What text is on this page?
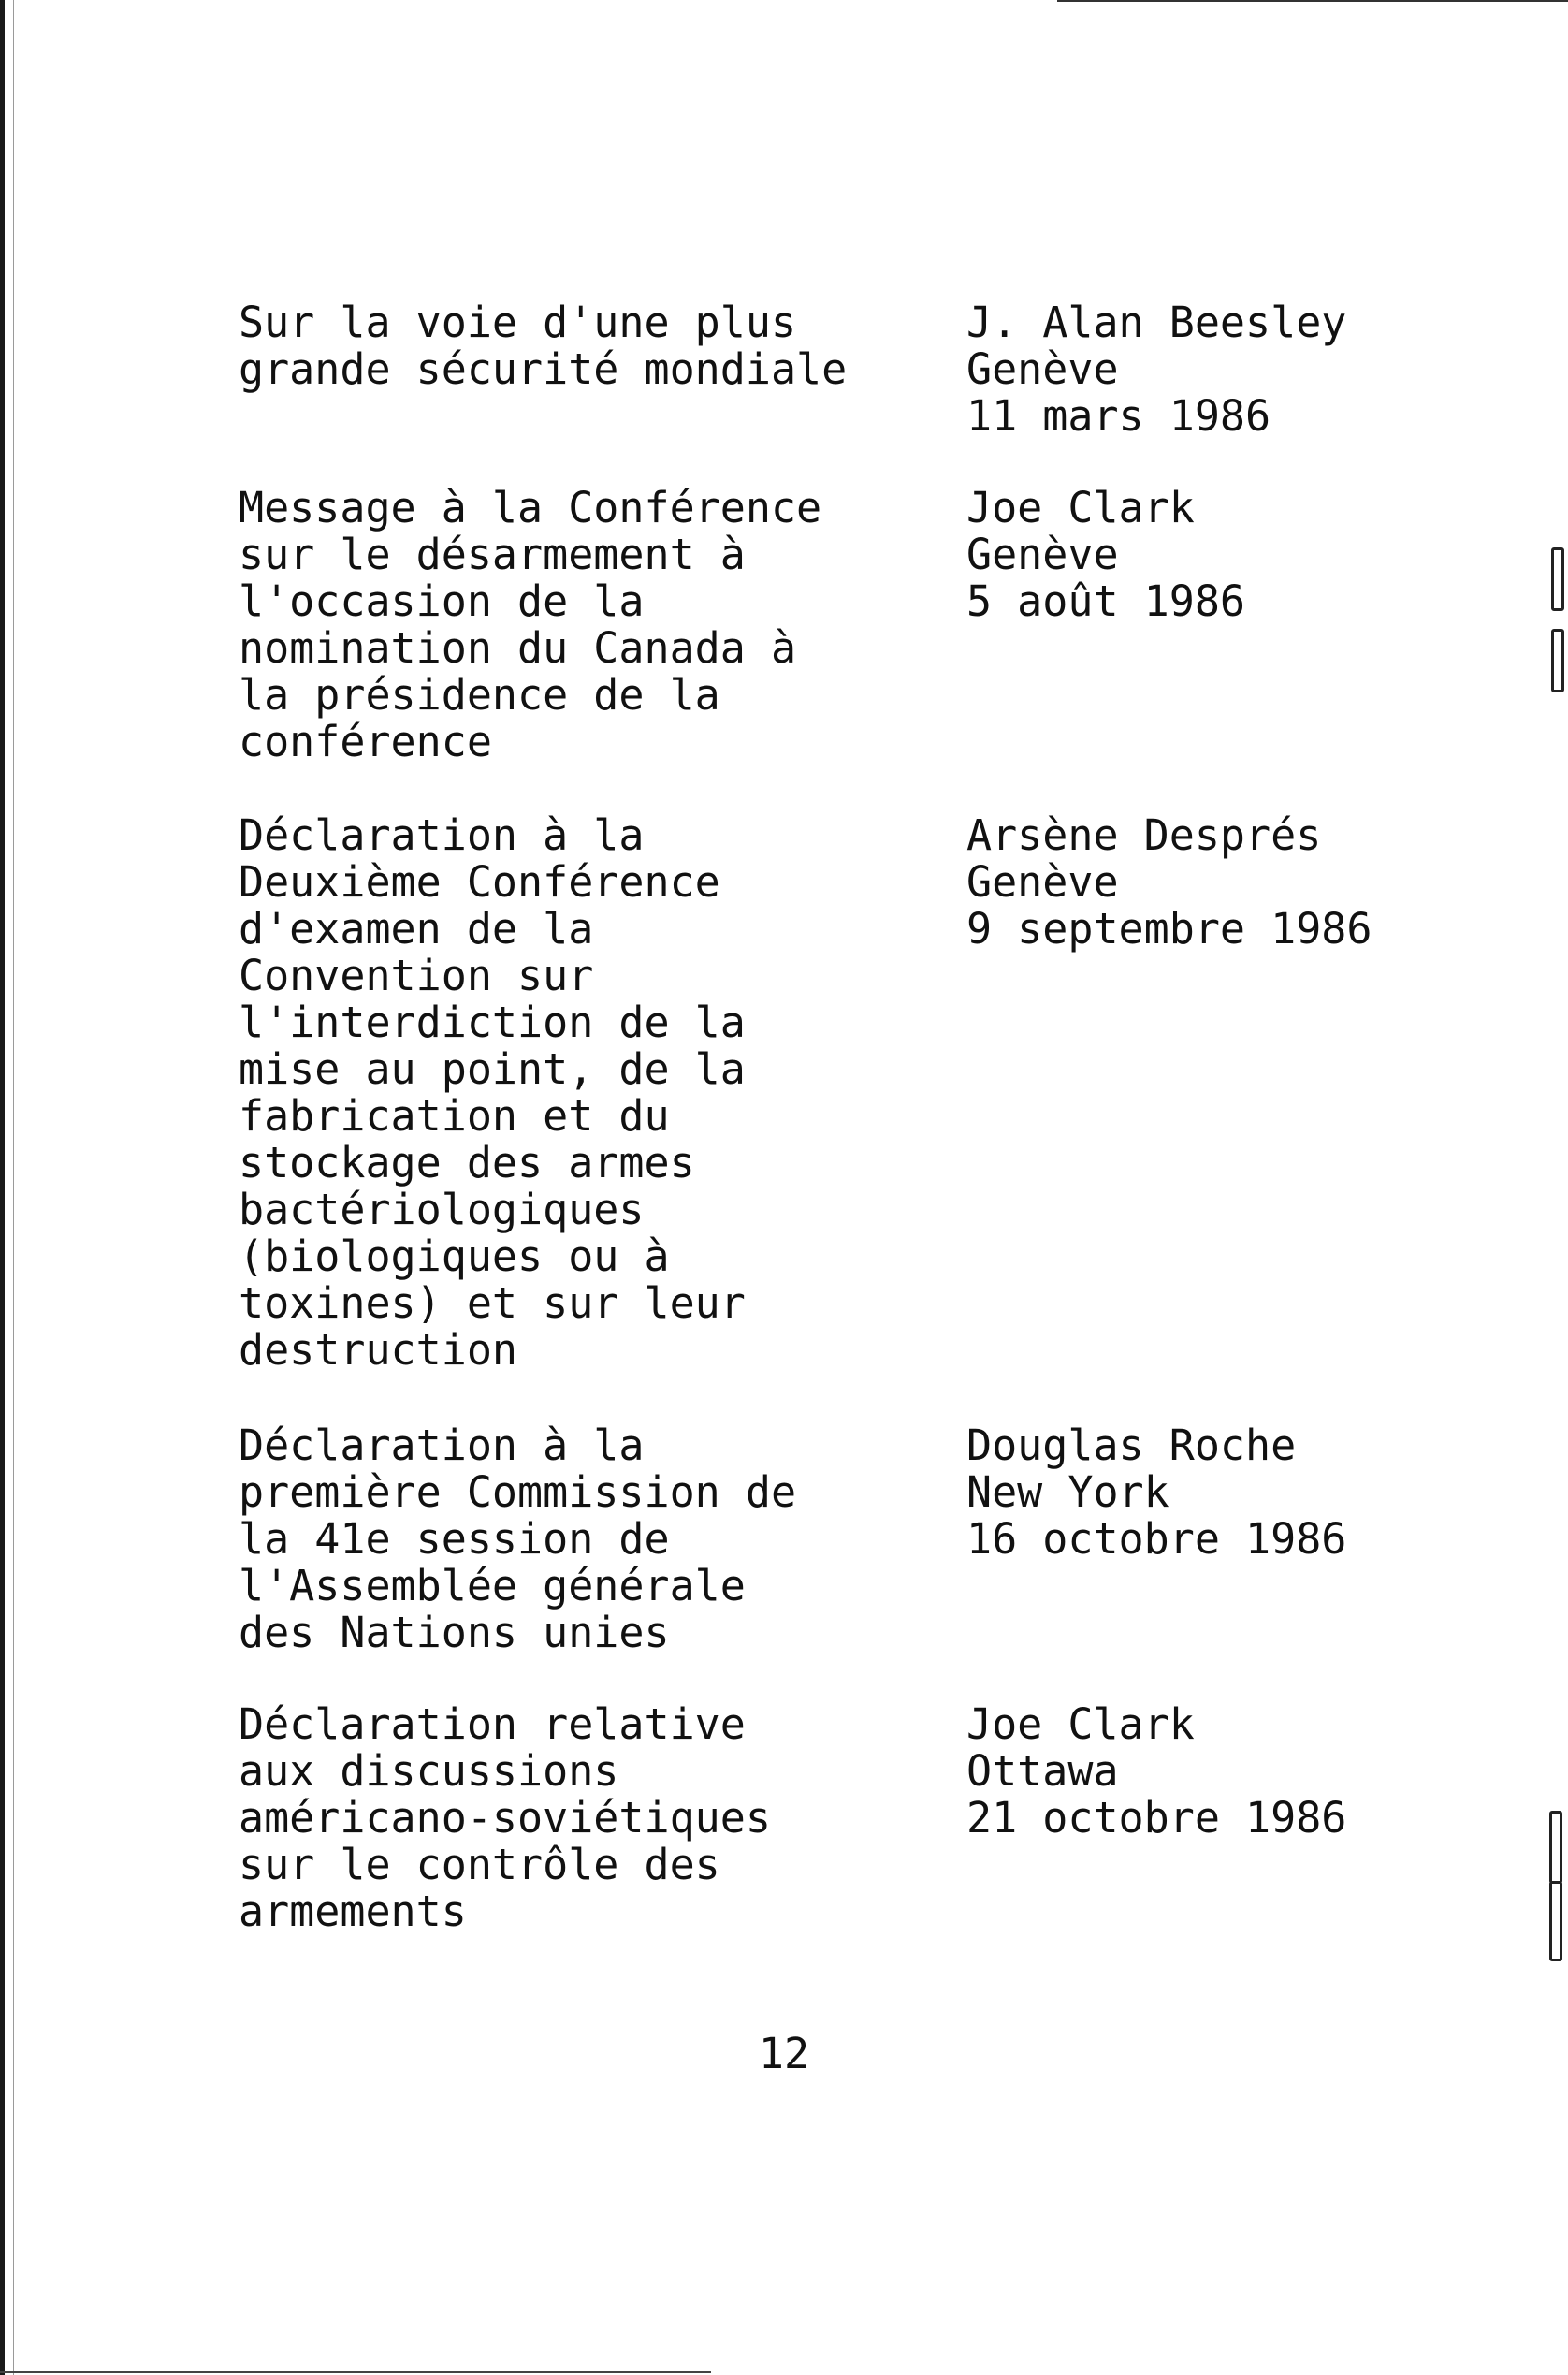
Sur la voie d'une plus
grande sécurité mondiale
J. Alan Beesley
Genève
11 mars 1986
Message à la Conférence
sur le désarmement à
l'occasion de la
nomination du Canada à
la présidence de la
conférence
Joe Clark
Genève
5 août 1986
Déclaration à la
Deuxième Conférence
d'examen de la
Convention sur
l'interdiction de la
mise au point, de la
fabrication et du
stockage des armes
bactériologiques
(biologiques ou à
toxines) et sur leur
destruction
Arsène Després
Genève
9 septembre 1986
Déclaration à la
première Commission de
la 41e session de
l'Assemblée générale
des Nations unies
Douglas Roche
New York
16 octobre 1986
Déclaration relative
aux discussions
américano-soviétiques
sur le contrôle des
armements
Joe Clark
Ottawa
21 octobre 1986
12
